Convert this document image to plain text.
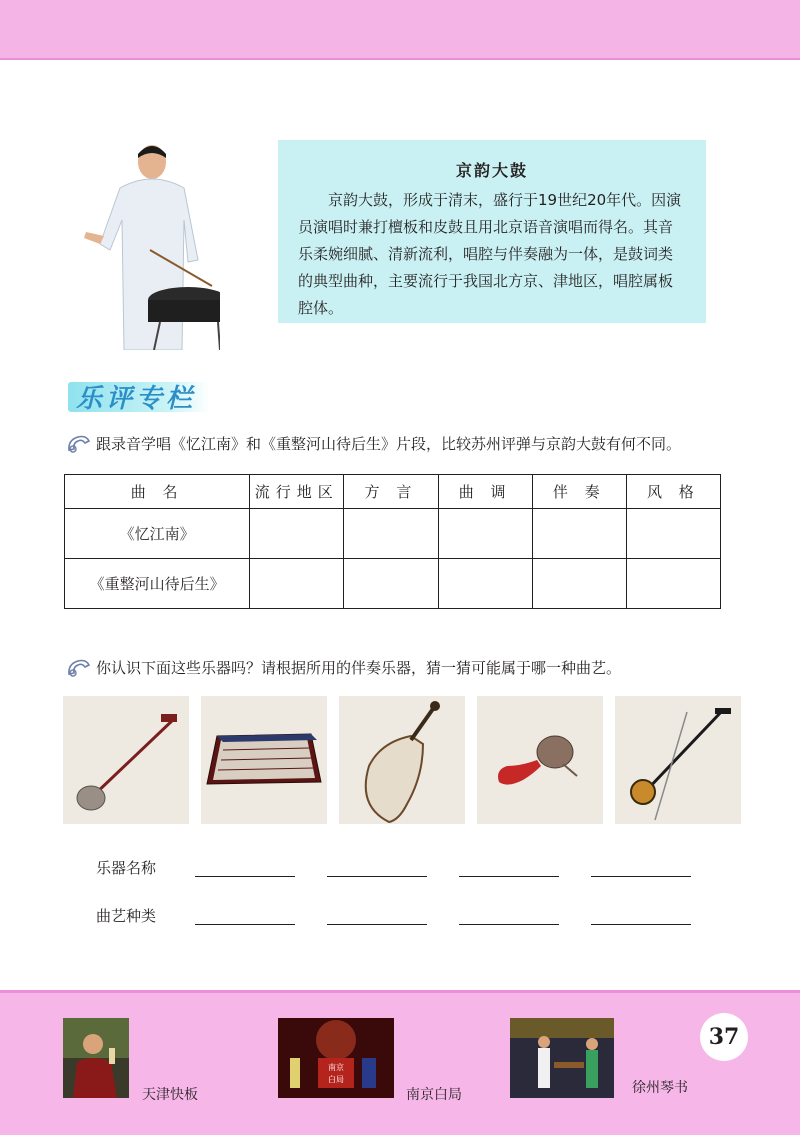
京韵大鼓
京韵大鼓，形成于清末，盛行于19世纪20年代。因演员演唱时兼打檀板和皮鼓且用北京语音演唱而得名。其音乐柔婉细腻、清新流利，唱腔与伴奏融为一体，是鼓词类的典型曲种，主要流行于我国北方京、津地区，唱腔属板腔体。
乐评专栏
跟录音学唱《忆江南》和《重整河山待后生》片段，比较苏州评弹与京韵大鼓有何不同。
曲 名	流行地区	方 言	曲 调	伴 奏	风 格
《忆江南》					
《重整河山待后生》					
你认识下面这些乐器吗？请根据所用的伴奏乐器，猜一猜可能属于哪一种曲艺。
乐器名称
曲艺种类
天津快板
南京
白局
南京白局	徐州琴书
37
